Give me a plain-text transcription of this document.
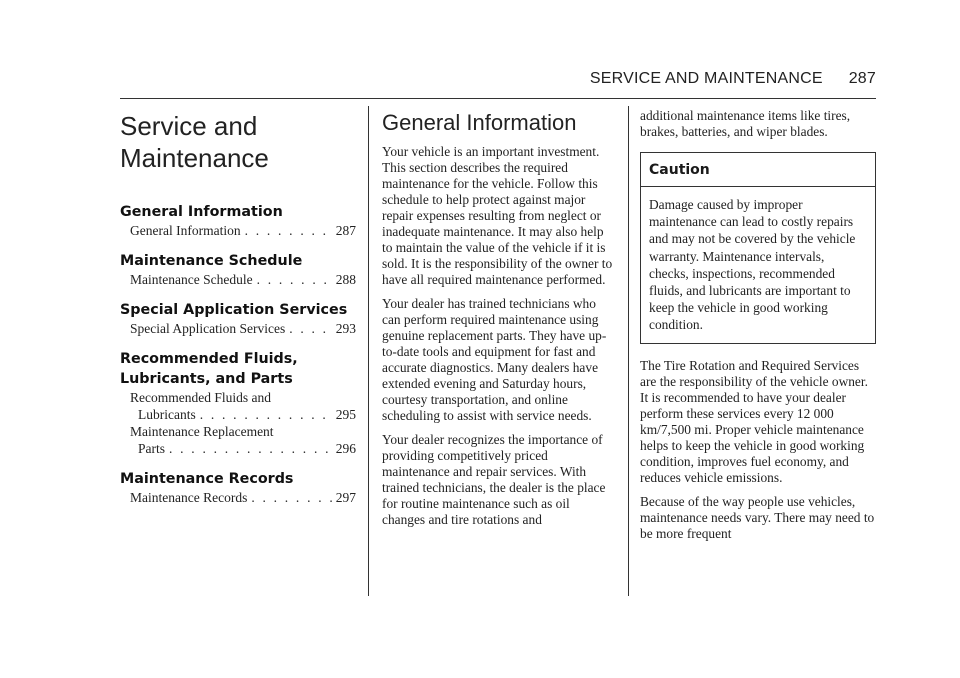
SERVICE AND MAINTENANCE 287
Service and
Maintenance
General Information
General Information . . .	287
Maintenance Schedule
Maintenance Schedule . . .	288
Special Application Services
Special Application Services . . .	293
Recommended Fluids,
Lubricants, and Parts
Recommended Fluids and
Lubricants . . .	295
Maintenance Replacement
Parts . . .	296
Maintenance Records
Maintenance Records . . .	297
General Information

Your vehicle is an important investment. This section describes the required maintenance for the vehicle. Follow this schedule to help protect against major repair expenses resulting from neglect or inadequate maintenance. It may also help to maintain the value of the vehicle if it is sold. It is the responsibility of the owner to have all required maintenance performed.

Your dealer has trained technicians who can perform required maintenance using genuine replacement parts. They have up-to-date tools and equipment for fast and accurate diagnostics. Many dealers have extended evening and Saturday hours, courtesy transportation, and online scheduling to assist with service needs.

Your dealer recognizes the importance of providing competitively priced maintenance and repair services. With trained technicians, the dealer is the place for routine maintenance such as oil changes and tire rotations and

additional maintenance items like tires, brakes, batteries, and wiper blades.

Caution

Damage caused by improper maintenance can lead to costly repairs and may not be covered by the vehicle warranty. Maintenance intervals, checks, inspections, recommended fluids, and lubricants are important to keep the vehicle in good working condition.

The Tire Rotation and Required Services are the responsibility of the vehicle owner. It is recommended to have your dealer perform these services every 12 000 km/7,500 mi. Proper vehicle maintenance helps to keep the vehicle in good working condition, improves fuel economy, and reduces vehicle emissions.

Because of the way people use vehicles, maintenance needs vary. There may need to be more frequent
